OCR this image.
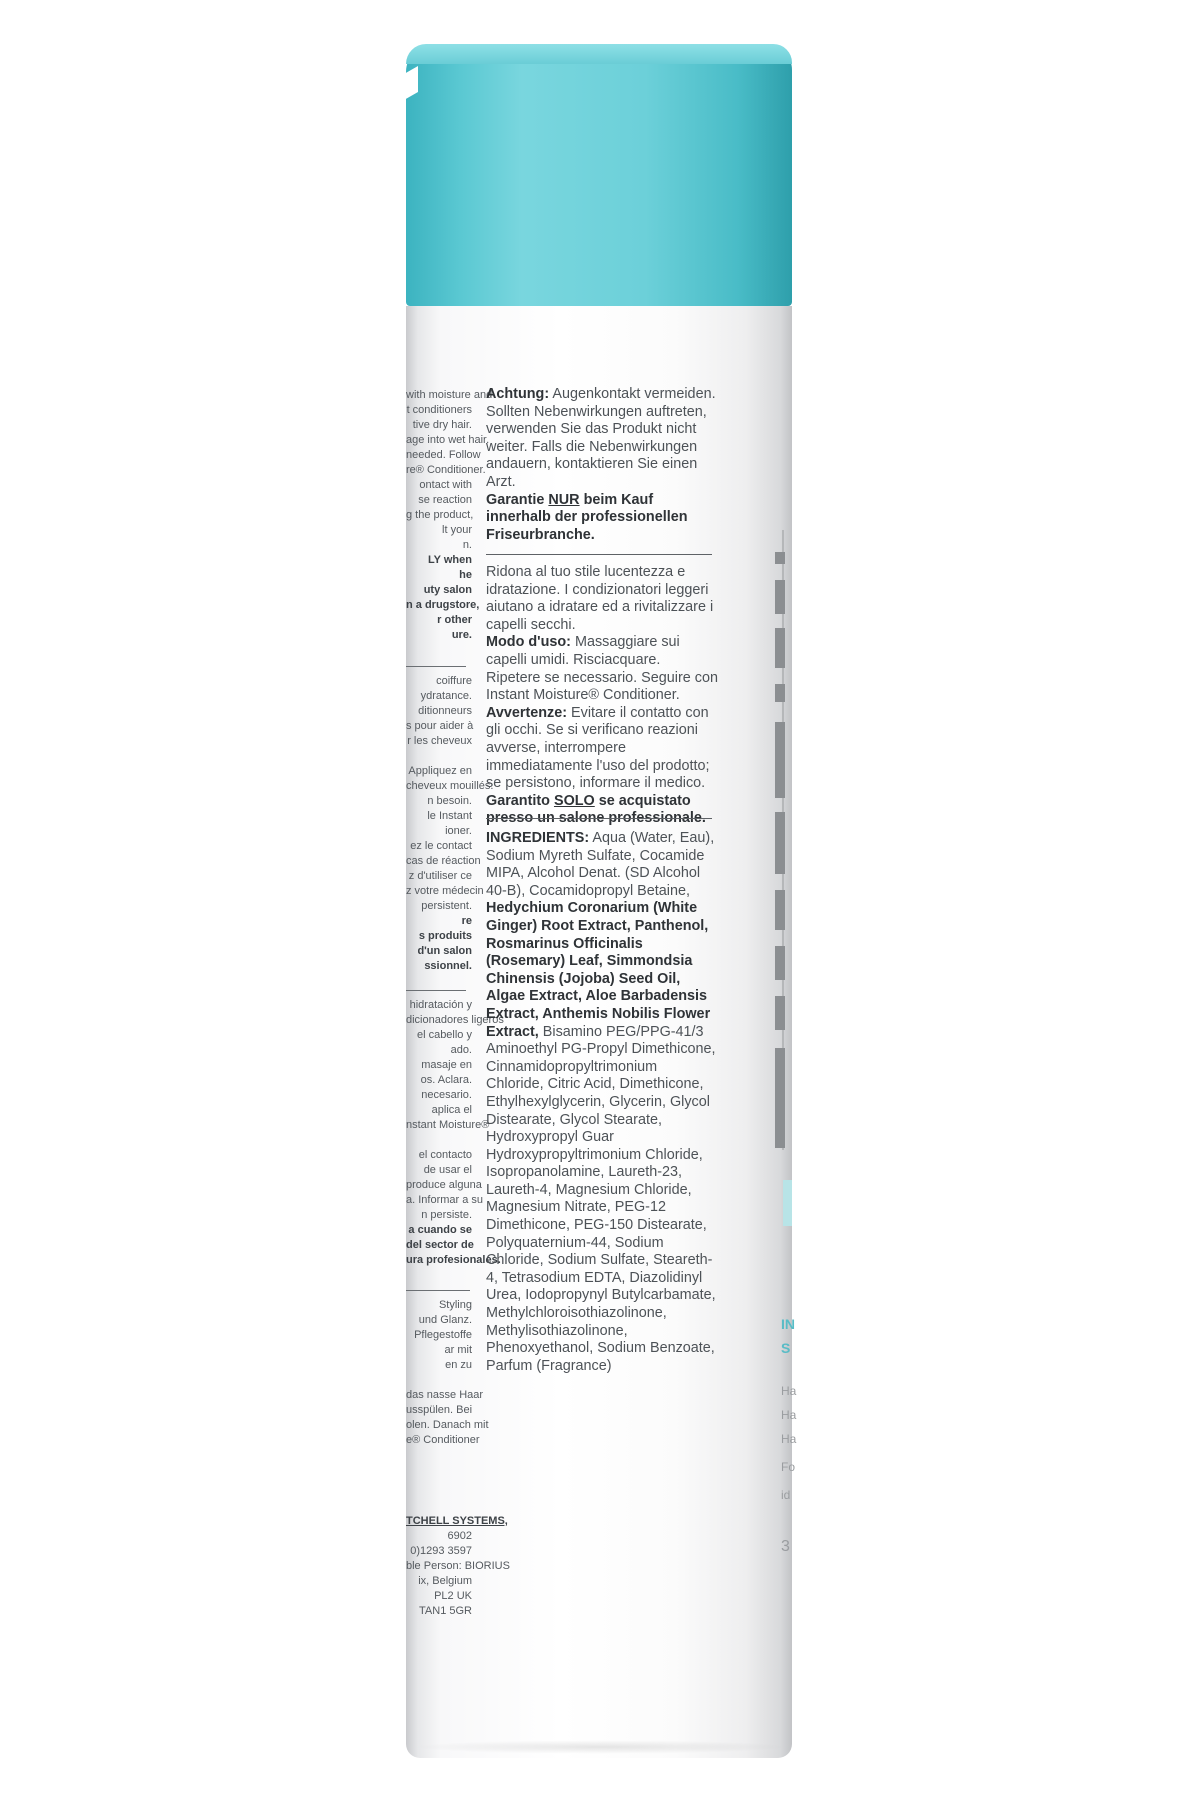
with moisture and

t conditioners

tive dry hair.

age into wet hair.

needed. Follow

re® Conditioner.

ontact with

se reaction

g the product,

lt your

n.

LY when

he

uty salon

n a drugstore,

r other

ure.

coiffure

ydratance.

ditionneurs

s pour aider à

r les cheveux

Appliquez en

cheveux mouillés.

n besoin.

le Instant

ioner.

ez le contact

cas de réaction

z d'utiliser ce

z votre médecin

persistent.

re

s produits

d'un salon

ssionnel.

hidratación y

dicionadores ligeros

el cabello y

ado.

masaje en

os. Aclara.

necesario.

aplica el

nstant Moisture®

el contacto

de usar el

produce alguna

a. Informar a su

n persiste.

a cuando se

del sector de

ura profesionales.

Styling

und Glanz.

Pflegestoffe

ar mit

en zu

das nasse Haar

usspülen. Bei

olen. Danach mit

e® Conditioner

TCHELL SYSTEMS,

6902

0)1293 3597

ble Person: BIORIUS

ix, Belgium

PL2 UK

TAN1 5GR

Achtung: Augenkontakt vermeiden. Sollten Nebenwirkungen auftreten, verwenden Sie das Produkt nicht weiter. Falls die Nebenwirkungen andauern, kontaktieren Sie einen Arzt.

Garantie NUR beim Kauf innerhalb der professionellen Friseurbranche.

Ridona al tuo stile lucentezza e idratazione. I condizionatori leggeri aiutano a idratare ed a rivitalizzare i capelli secchi.

Modo d'uso: Massaggiare sui capelli umidi. Risciacquare. Ripetere se necessario. Seguire con Instant Moisture® Conditioner.

Avvertenze: Evitare il contatto con gli occhi. Se si verificano reazioni avverse, interrompere immediatamente l'uso del prodotto; se persistono, informare il medico.

Garantito SOLO se acquistato presso un salone professionale.

INGREDIENTS: Aqua (Water, Eau), Sodium Myreth Sulfate, Cocamide MIPA, Alcohol Denat. (SD Alcohol 40-B), Cocamidopropyl Betaine, Hedychium Coronarium (White Ginger) Root Extract, Panthenol, Rosmarinus Officinalis (Rosemary) Leaf, Simmondsia Chinensis (Jojoba) Seed Oil, Algae Extract, Aloe Barbadensis Extract, Anthemis Nobilis Flower Extract, Bisamino PEG/PPG-41/3 Aminoethyl PG-Propyl Dimethicone, Cinnamidopropyltrimonium Chloride, Citric Acid, Dimethicone, Ethylhexylglycerin, Glycerin, Glycol Distearate, Glycol Stearate, Hydroxypropyl Guar Hydroxypropyltrimonium Chloride, Isopropanolamine, Laureth-23, Laureth-4, Magnesium Chloride, Magnesium Nitrate, PEG-12 Dimethicone, PEG-150 Distearate, Polyquaternium-44, Sodium Chloride, Sodium Sulfate, Steareth-4, Tetrasodium EDTA, Diazolidinyl Urea, Iodopropynyl Butylcarbamate, Methylchloroisothiazolinone, Methylisothiazolinone, Phenoxyethanol, Sodium Benzoate, Parfum (Fragrance)

IN
S
Ha
Ha
Ha
Fo
id
3
